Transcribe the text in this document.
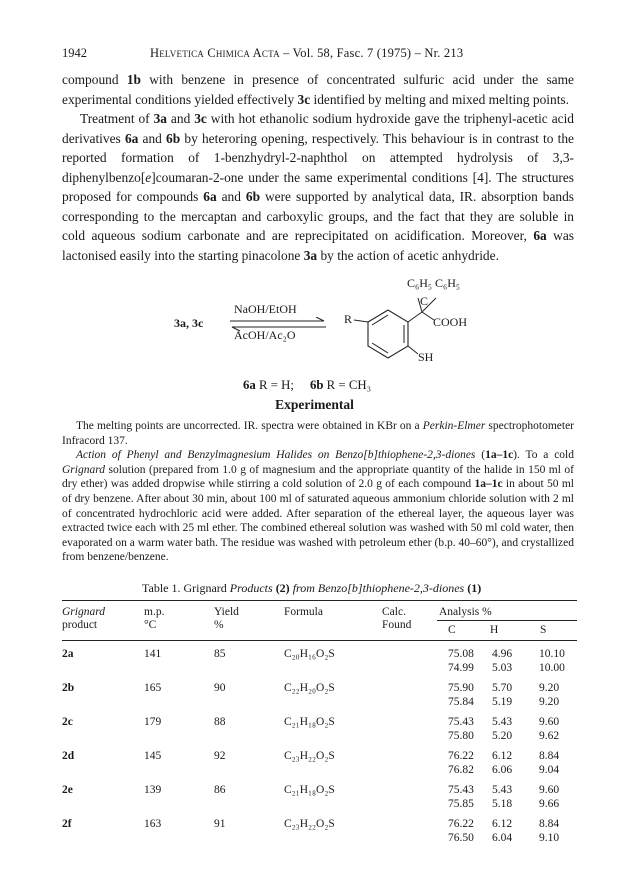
1942	Helvetica Chimica Acta – Vol. 58, Fasc. 7 (1975) – Nr. 213

compound 1b with benzene in presence of concentrated sulfuric acid under the same experimental conditions yielded effectively 3c identified by melting and mixed melting points.

Treatment of 3a and 3c with hot ethanolic sodium hydroxide gave the triphenyl-acetic acid derivatives 6a and 6b by heteroring opening, respectively. This behaviour is in contrast to the reported formation of 1-benzhydryl-2-naphthol on attempted hydrolysis of 3,3-diphenylbenzo[e]coumaran-2-one under the same experimental conditions [4]. The structures proposed for compounds 6a and 6b were supported by analytical data, IR. absorption bands corresponding to the mercaptan and carboxylic groups, and the fact that they are soluble in cold aqueous sodium carbonate and are reprecipitated on acidification. Moreover, 6a was lactonised easily into the starting pinacolone 3a by the action of acetic anhydride.

3a, 3c
NaOH/EtOH
AcOH/Ac₂O
C₆H₅ C₆H₅
C
R	COOH
SH
6a R = H; 6b R = CH₃
Experimental

The melting points are uncorrected. IR. spectra were obtained in KBr on a Perkin-Elmer spectrophotometer Infracord 137.

Action of Phenyl and Benzylmagnesium Halides on Benzo[b]thiophene-2,3-diones (1a–1c). To a cold Grignard solution (prepared from 1.0 g of magnesium and the appropriate quantity of the halide in 150 ml of dry ether) was added dropwise while stirring a cold solution of 2.0 g of each compound 1a–1c in about 50 ml of dry benzene. After about 30 min, about 100 ml of saturated aqueous ammonium chloride solution with 2 ml of concentrated hydrochloric acid were added. After separation of the ethereal layer, the aqueous layer was extracted twice each with 25 ml ether. The combined ethereal solution was washed with 50 ml cold water, then evaporated on a warm water bath. The residue was washed with petroleum ether (b.p. 40–60°), and crystallized from benzene/benzene.

Table 1. Grignard Products (2) from Benzo[b]thiophene-2,3-diones (1)
Grignard
product
m.p.
°C
Yield
%
Formula	Calc.
Found
Analysis %
C	H	S
2a	141	85	C₂₀H₁₆O₂S	75.08 4.96 10.10
74.99 5.03 10.00
2b	165	90	C₂₂H₂₀O₂S	75.90 5.70 9.20
75.84 5.19 9.20
2c	179	88	C₂₁H₁₈O₂S	75.43 5.43 9.60
75.80 5.20 9.62
2d	145	92	C₂₃H₂₂O₂S	76.22 6.12 8.84
76.82 6.06 9.04
2e	139	86	C₂₁H₁₈O₂S	75.43 5.43 9.60
75.85 5.18 9.66
2f	163	91	C₂₃H₂₂O₂S	76.22 6.12 8.84
76.50 6.04 9.10
